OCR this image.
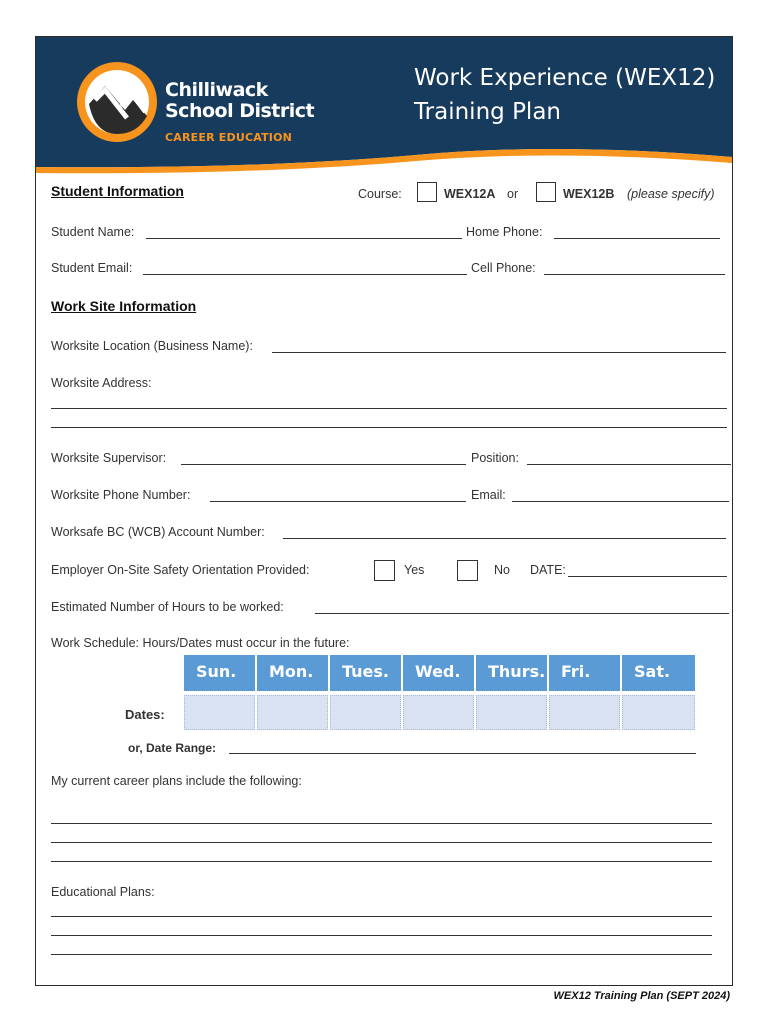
Chilliwack
School District
CAREER EDUCATION
Work Experience (WEX12)
Training Plan
Student Information	Course:	WEX12A or	WEX12B (please specify)
Student Name:	Home Phone:
Student Email:	Cell Phone:
Work Site Information
Worksite Location (Business Name):
Worksite Address:
Worksite Supervisor:	Position:
Worksite Phone Number:	Email:
Worksafe BC (WCB) Account Number:
Employer On-Site Safety Orientation Provided:	Yes	No DATE:
Estimated Number of Hours to be worked:
Work Schedule: Hours/Dates must occur in the future:
Sun.	Mon.	Tues.	Wed.	Thurs. Fri.	Sat.
Dates:
or, Date Range:
My current career plans include the following:
Educational Plans:
WEX12 Training Plan (SEPT 2024)
